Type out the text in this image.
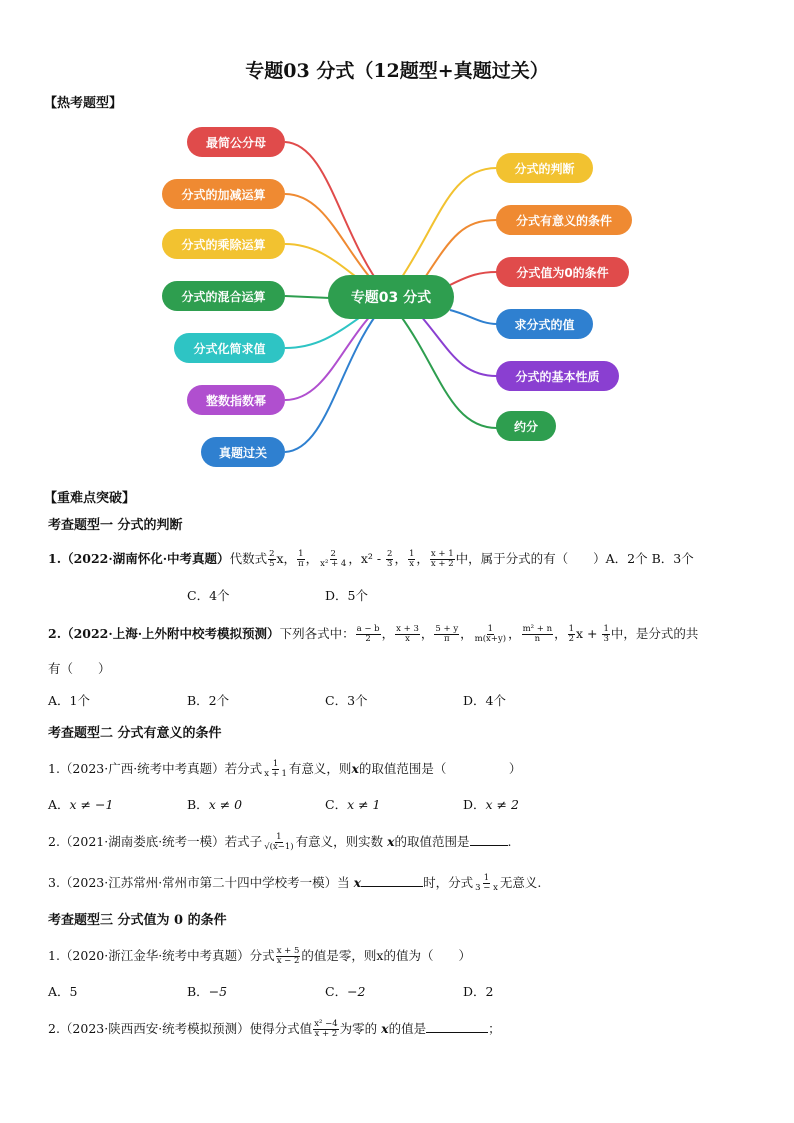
专题03 分式（12题型+真题过关）
【热考题型】
专题03 分式
最简公分母
分式的加减运算
分式的乘除运算
分式的混合运算
分式化简求值
整数指数幂
真题过关
分式的判断
分式有意义的条件
分式值为0的条件
求分式的值
分式的基本性质
约分
【重难点突破】
考查题型一 分式的判断
1.（2022·湖南怀化·中考真题）代数式 $\frac{2}{5}$ x， $\frac{1}{\pi}$ ， $\frac{2}{\text{x² + 4}}$ ，$x^2 - \frac{2}{3}$ ， $\frac{1}{x}$ ， $\frac{x + 1}{x + 2}$ 中，属于分式的有（　　）A．2个 B．3个
C．4个	D．5个
2.（2022·上海·上外附中校考模拟预测）下列各式中： $\frac{a - b}{2}$ ， $\frac{x + 3}{x}$ ， $\frac{5 + y}{\pi}$ ， $\frac{1}{m(x+y)}$ ， $\frac{\text{m² + n}}{n}$ ， $\frac{1}{2}$ $x + \frac{1}{3}$ 中，是分式的共
有（　　）
A．1个	B．2个	C．3个	D．4个
考查题型二 分式有意义的条件
1.（2023·广西·统考中考真题）若分式 $\frac{1}{x + 1}$ 有意义，则x的取值范围是（　　　　　）
A．x ≠ −1	B．x ≠ 0	C．x ≠ 1	D．x ≠ 2
2.（2021·湖南娄底·统考一模）若式子 $\frac{1}{√(x-1)}$ 有意义，则实数 x的取值范围是	.
3.（2023·江苏常州·常州市第二十四中学校考一模）当 x	时，分式 $\frac{1}{3 - x}$ 无意义.
考查题型三 分式值为 0 的条件
1.（2020·浙江金华·统考中考真题）分式 $\frac{x + 5}{x - 2}$ 的值是零，则x的值为（　　）
A．5	B．−5	C．−2	D．2
2.（2023·陕西西安·统考模拟预测）使得分式值 $\frac{\text{x² −4}}{x + 2}$ 为零的 x的值是	；
